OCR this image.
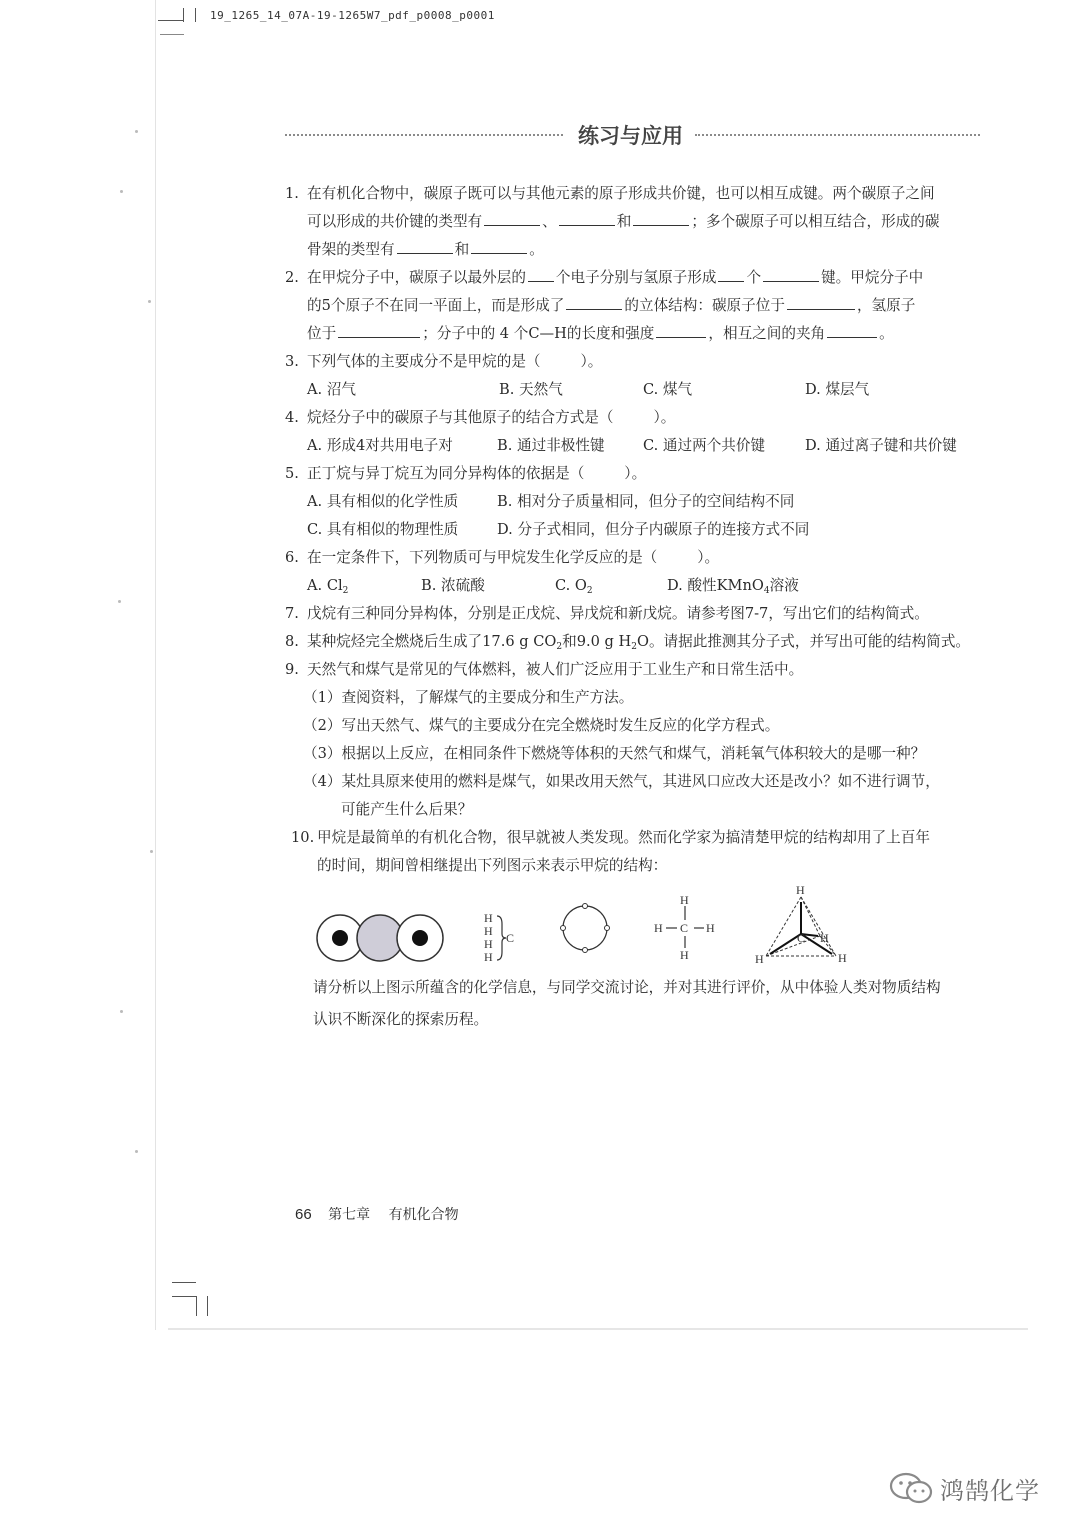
19_1265_14_07A-19-1265W7_pdf_p0008_p0001
练习与应用
1. 在有机化合物中，碳原子既可以与其他元素的原子形成共价键，也可以相互成键。两个碳原子之间
可以形成的共价键的类型有	、	和	；多个碳原子可以相互结合，形成的碳
骨架的类型有	和	。
2. 在甲烷分子中，碳原子以最外层的 个电子分别与氢原子形成 个	键。甲烷分子中
的5个原子不在同一平面上，而是形成了	的立体结构：碳原子位于	，氢原子
位于	；分子中的 4 个C—H的长度和强度	，相互之间的夹角	。
3. 下列气体的主要成分不是甲烷的是（	）。
A. 沼气	B. 天然气	C. 煤气	D. 煤层气
4. 烷烃分子中的碳原子与其他原子的结合方式是（	）。
A. 形成4对共用电子对	B. 通过非极性键	C. 通过两个共价键	D. 通过离子键和共价键
5. 正丁烷与异丁烷互为同分异构体的依据是（	）。
A. 具有相似的化学性质	B. 相对分子质量相同，但分子的空间结构不同
C. 具有相似的物理性质	D. 分子式相同，但分子内碳原子的连接方式不同
6. 在一定条件下，下列物质可与甲烷发生化学反应的是（	）。
A. $Cl_2$	B. 浓硫酸	C. $O_2$	D. 酸性KMnO$_4$溶液
7. 戊烷有三种同分异构体，分别是正戊烷、异戊烷和新戊烷。请参考图7-7，写出它们的结构简式。
8. 某种烷烃完全燃烧后生成了17.6 g $CO_2$和9.0 g $H_2O$。请据此推测其分子式，并写出可能的结构简式。
9. 天然气和煤气是常见的气体燃料，被人们广泛应用于工业生产和日常生活中。
（1）查阅资料，了解煤气的主要成分和生产方法。
（2）写出天然气、煤气的主要成分在完全燃烧时发生反应的化学方程式。
（3）根据以上反应，在相同条件下燃烧等体积的天然气和煤气，消耗氧气体积较大的是哪一种？
（4）某灶具原来使用的燃料是煤气，如果改用天然气，其进风口应改大还是改小？如不进行调节，
可能产生什么后果？
10. 甲烷是最简单的有机化合物，很早就被人类发现。然而化学家为搞清楚甲烷的结构却用了上百年
的时间，期间曾相继提出下列图示来表示甲烷的结构：
请分析以上图示所蕴含的化学信息，与同学交流讨论，并对其进行评价，从中体验人类对物质结构
认识不断深化的探索历程。
H
H
H
H
C
H
H C H
H
H
C H
H	H
66 第七章 有机化合物
鸿鹄化学
